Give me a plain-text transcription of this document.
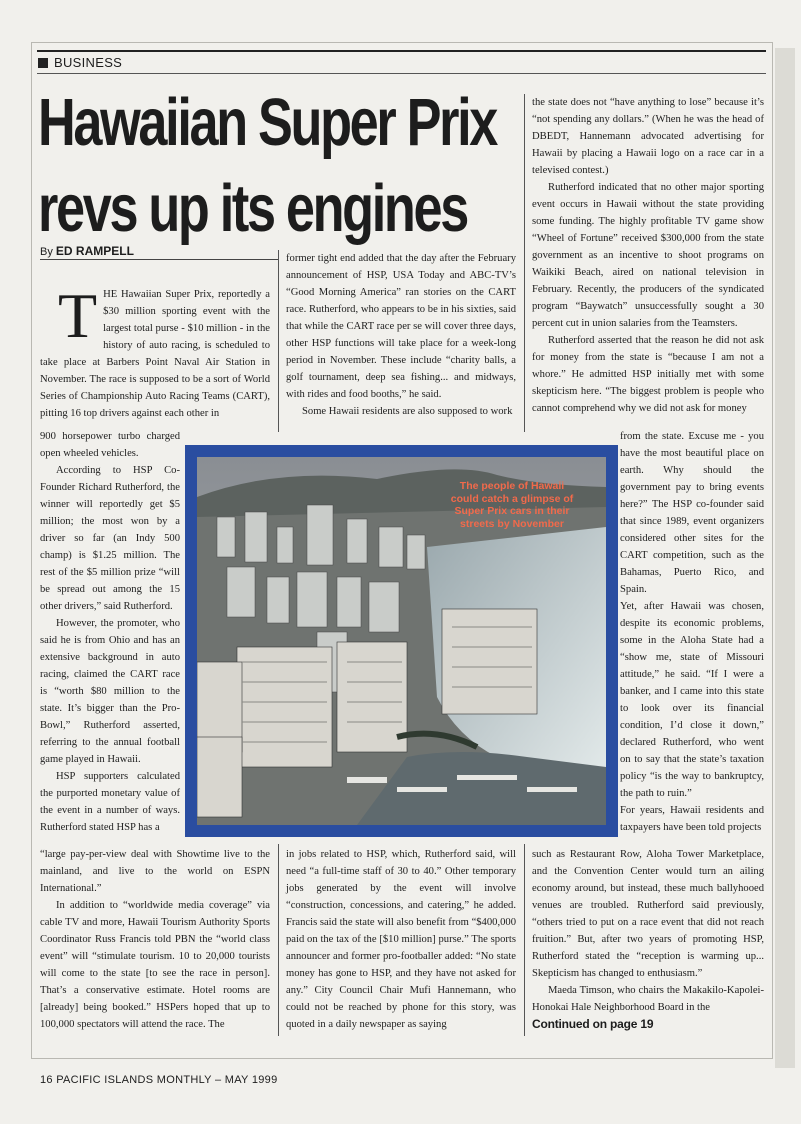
BUSINESS
Hawaiian Super Prix
revs up its engines
By ED RAMPELL
T HE Hawaiian Super Prix, reportedly a $30 million sporting event with the largest total purse - $10 million - in the history of auto racing, is scheduled to take place at Barbers Point Naval Air Station in November. The race is supposed to be a sort of World Series of Championship Auto Racing Teams (CART), pitting 16 top drivers against each other in

900 horsepower turbo charged open wheeled vehicles.

According to HSP Co-Founder Richard Rutherford, the winner will reportedly get $5 million; the most won by a driver so far (an Indy 500 champ) is $1.25 million. The rest of the $5 million prize “will be spread out among the 15 other drivers,” said Rutherford.

However, the promoter, who said he is from Ohio and has an extensive background in auto racing, claimed the CART race is “worth $80 million to the state. It’s bigger than the Pro-Bowl,” Rutherford asserted, referring to the annual football game played in Hawaii.

HSP supporters calculated the purported monetary value of the event in a number of ways. Rutherford stated HSP has a

“large pay-per-view deal with Showtime live to the mainland, and live to the world on ESPN International.”

In addition to “worldwide media coverage” via cable TV and more, Hawaii Tourism Authority Sports Coordinator Russ Francis told PBN the “world class event” will “stimulate tourism. 10 to 20,000 tourists will come to the state [to see the race in person]. That’s a conservative estimate. Hotel rooms are [already] being booked.” HSPers hoped that up to 100,000 spectators will attend the race. The

former tight end added that the day after the February announcement of HSP, USA Today and ABC-TV’s “Good Morning America” ran stories on the CART race. Rutherford, who appears to be in his sixties, said that while the CART race per se will cover three days, other HSP functions will take place for a week-long period in November. These include “charity balls, a golf tournament, deep sea fishing... and midways, with rides and food booths,” he said.

Some Hawaii residents are also supposed to work

in jobs related to HSP, which, Rutherford said, will need “a full-time staff of 30 to 40.” Other temporary jobs generated by the event will involve “construction, concessions, and catering,” he added. Francis said the state will also benefit from “$400,000 paid on the tax of the [$10 million] purse.” The sports announcer and former pro-footballer added: “No state money has gone to HSP, and they have not asked for any.” City Council Chair Mufi Hannemann, who could not be reached by phone for this story, was quoted in a daily newspaper as saying

the state does not “have anything to lose” because it’s “not spending any dollars.” (When he was the head of DBEDT, Hannemann advocated advertising for Hawaii by placing a Hawaii logo on a race car in a televised contest.)

Rutherford indicated that no other major sporting event occurs in Hawaii without the state providing some funding. The highly profitable TV game show “Wheel of Fortune” received $300,000 from the state government as an incentive to shoot programs on Waikiki Beach, aired on national television in February. Recently, the producers of the syndicated program “Baywatch” unsuccessfully sought a 30 percent cut in union salaries from the Teamsters.

Rutherford asserted that the reason he did not ask for money from the state is “because I am not a whore.” He admitted HSP initially met with some skepticism here. “The biggest problem is people who cannot comprehend why we did not ask for money

from the state. Excuse me - you have the most beautiful place on earth. Why should the government pay to bring events here?” The HSP co-founder said that since 1989, event organizers considered other sites for the CART competition, such as the Bahamas, Puerto Rico, and Spain.

Yet, after Hawaii was chosen, despite its economic problems, some in the Aloha State had a “show me, state of Missouri attitude,” he said. “If I were a banker, and I came into this state to look over its financial condition, I’d close it down,” declared Rutherford, who went on to say that the state’s taxation policy “is the way to bankruptcy, the path to ruin.”

For years, Hawaii residents and taxpayers have been told projects

such as Restaurant Row, Aloha Tower Marketplace, and the Convention Center would turn an ailing economy around, but instead, these much ballyhooed venues are troubled. Rutherford said previously, “others tried to put on a race event that did not reach fruition.” But, after two years of promoting HSP, Rutherford stated the “reception is warming up... Skepticism has changed to enthusiasm.”

Maeda Timson, who chairs the Makakilo-Kapolei-Honokai Hale Neighborhood Board in the

Continued on page 19

The people of Hawaii could catch a glimpse of Super Prix cars in their streets by November
16 PACIFIC ISLANDS MONTHLY – MAY 1999
